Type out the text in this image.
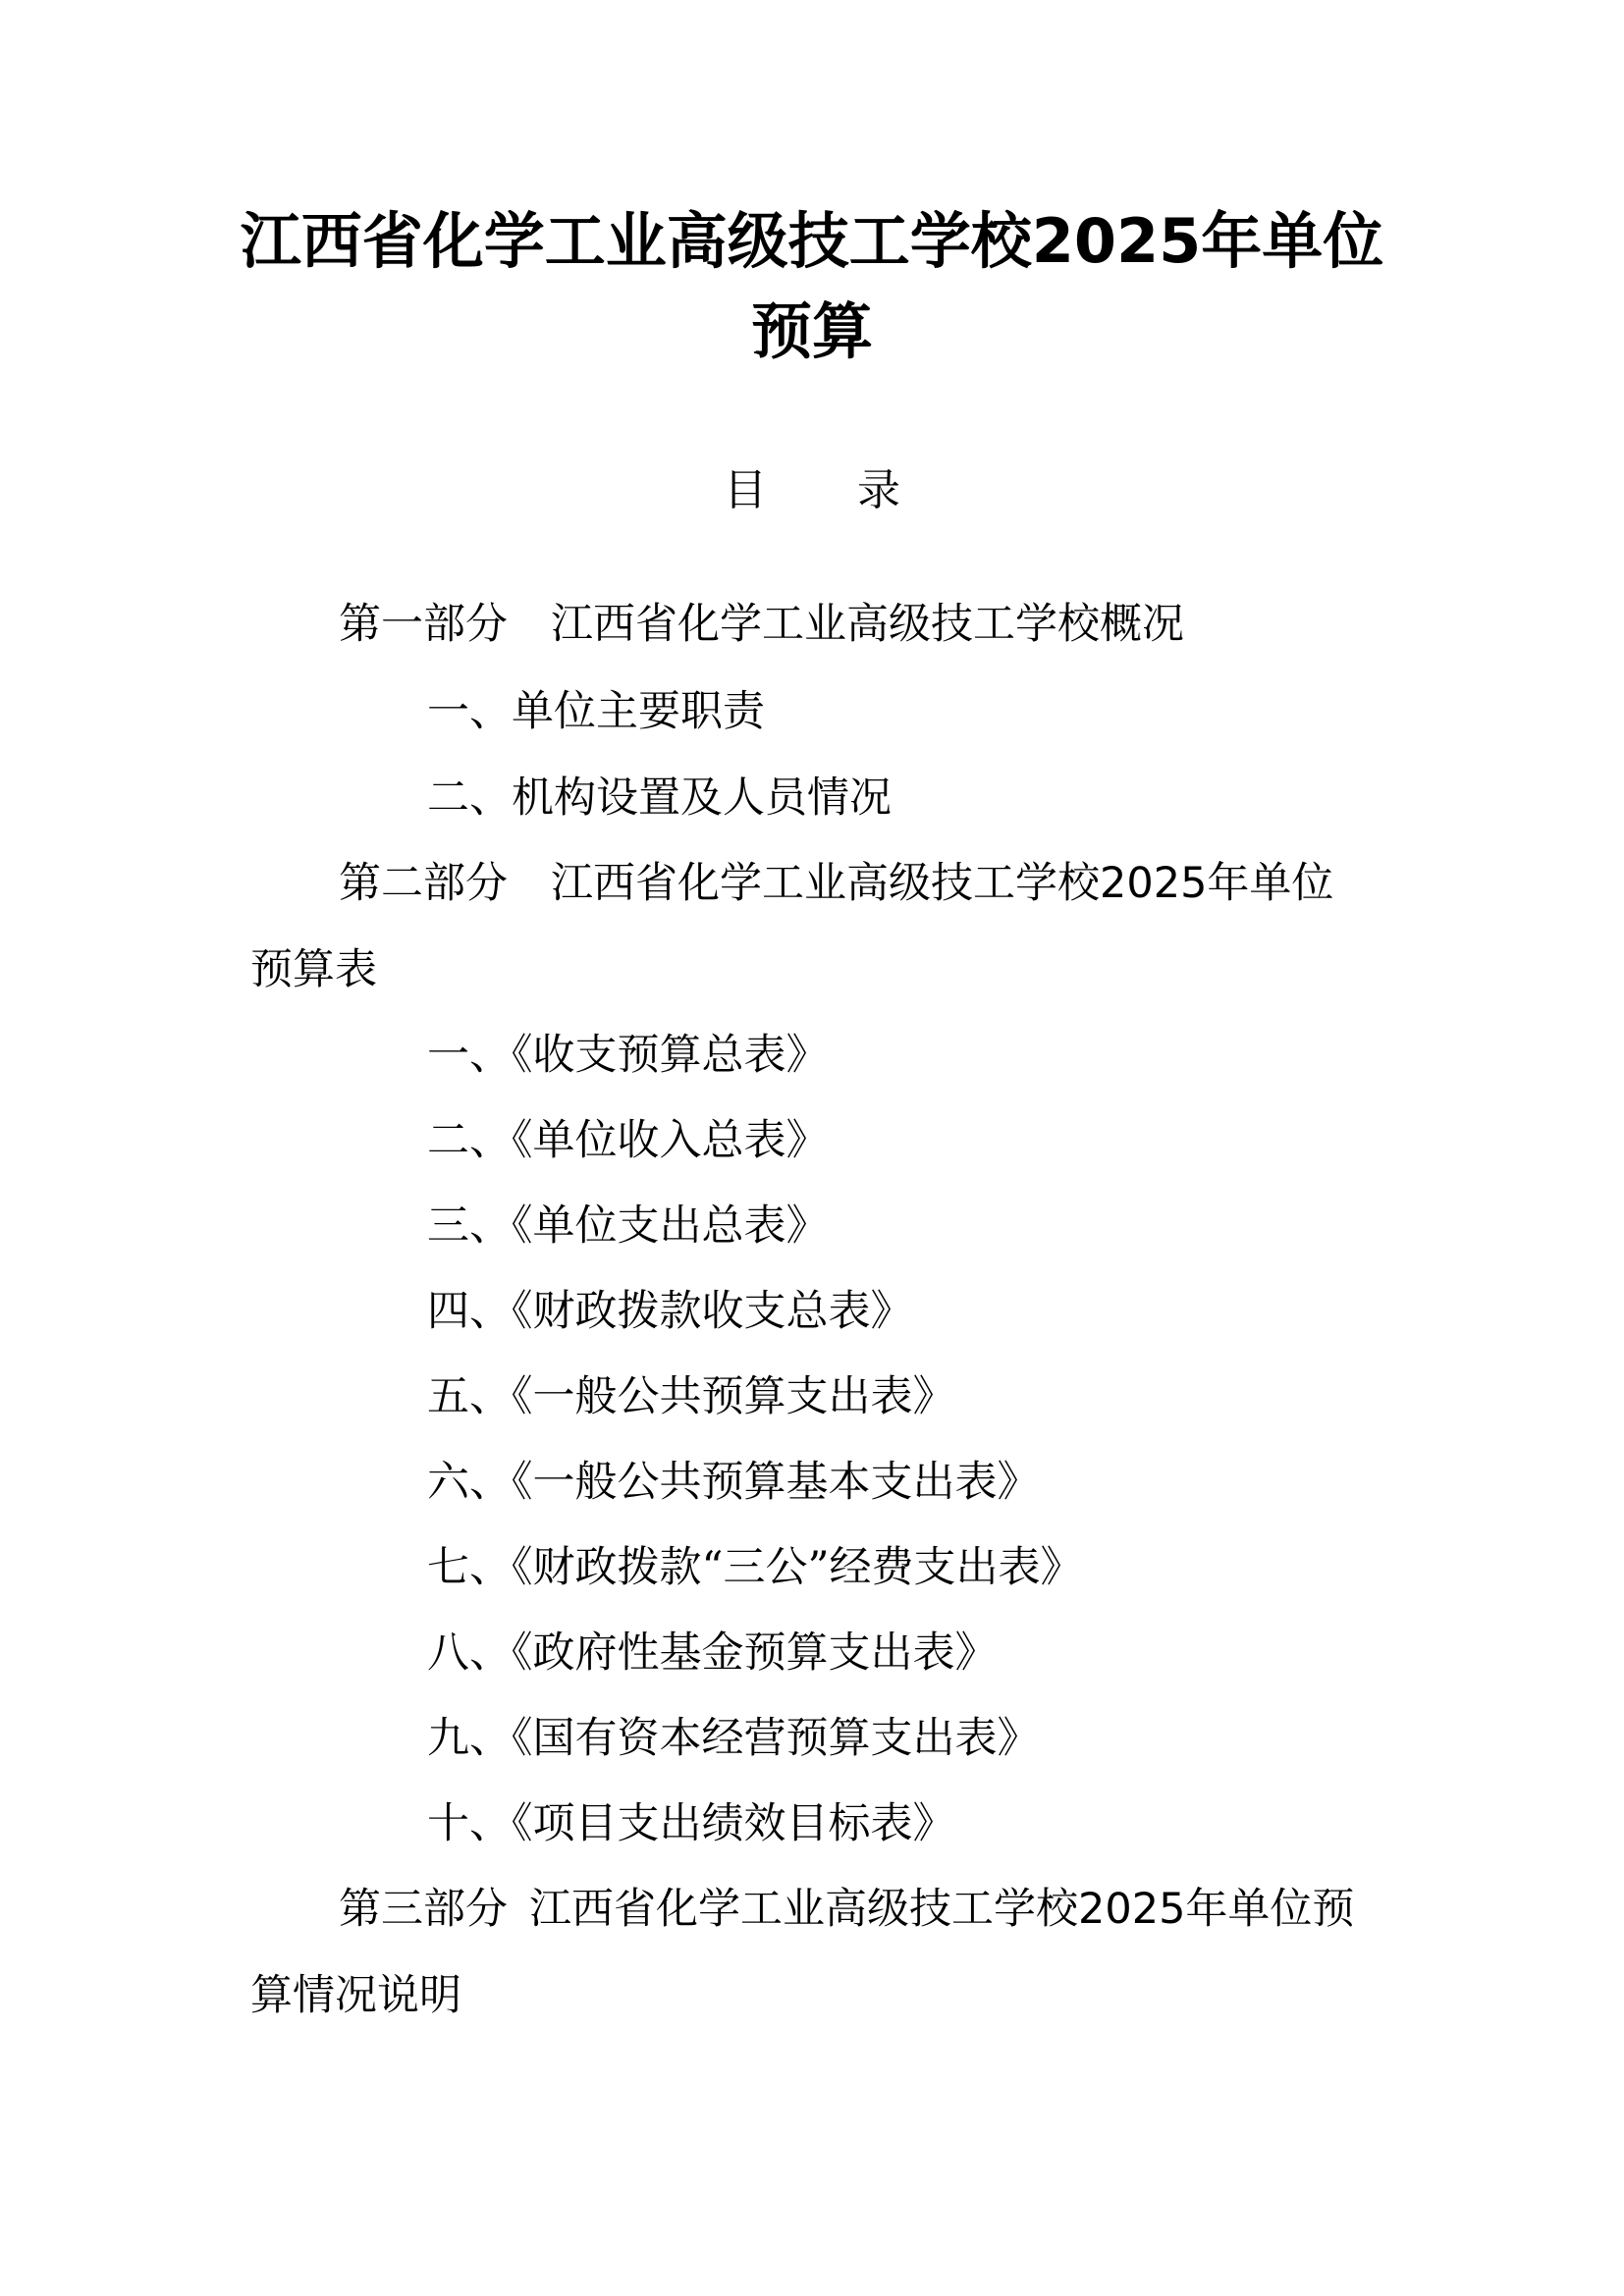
江西省化学工业高级技工学校2025年单位
预算
目 录
第一部分 江西省化学工业高级技工学校概况
一、单位主要职责
二、机构设置及人员情况
第二部分 江西省化学工业高级技工学校2025年单位
预算表
一、《收支预算总表》
二、《单位收入总表》
三、《单位支出总表》
四、《财政拨款收支总表》
五、《一般公共预算支出表》
六、《一般公共预算基本支出表》
七、《财政拨款“三公”经费支出表》
八、《政府性基金预算支出表》
九、《国有资本经营预算支出表》
十、《项目支出绩效目标表》
第三部分 江西省化学工业高级技工学校2025年单位预
算情况说明
